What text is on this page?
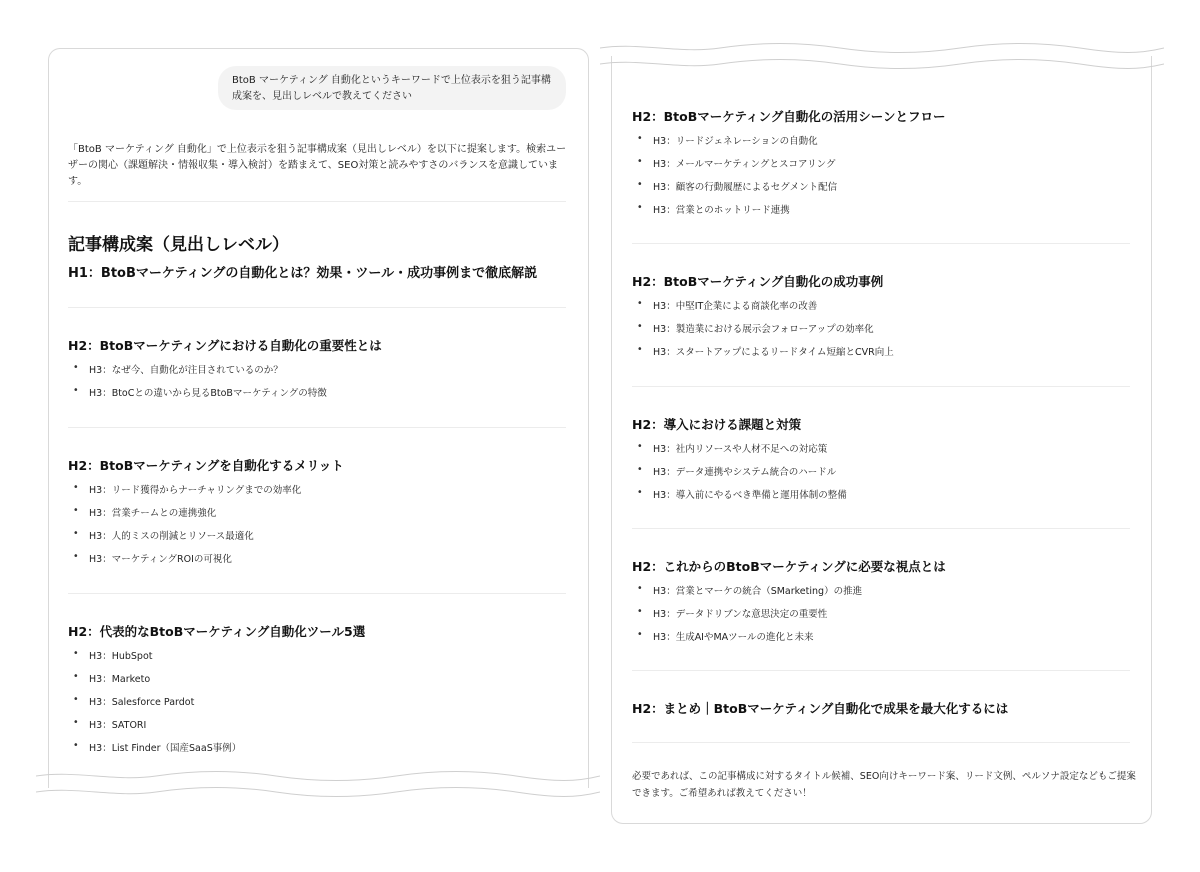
BtoB マーケティング 自動化というキーワードで上位表示を狙う記事構成案を、見出しレベルで教えてください
「BtoB マーケティング 自動化」で上位表示を狙う記事構成案（見出しレベル）を以下に提案します。検索ユーザーの関心（課題解決・情報収集・導入検討）を踏まえて、SEO対策と読みやすさのバランスを意識しています。
記事構成案（見出しレベル）
H1：BtoBマーケティングの自動化とは？効果・ツール・成功事例まで徹底解説
H2：BtoBマーケティングにおける自動化の重要性とは
• H3：なぜ今、自動化が注目されているのか？
• H3：BtoCとの違いから見るBtoBマーケティングの特徴
H2：BtoBマーケティングを自動化するメリット
• H3：リード獲得からナーチャリングまでの効率化
• H3：営業チームとの連携強化
• H3：人的ミスの削減とリソース最適化
• H3：マーケティングROIの可視化
H2：代表的なBtoBマーケティング自動化ツール5選
• H3：HubSpot
• H3：Marketo
• H3：Salesforce Pardot
• H3：SATORI
• H3：List Finder（国産SaaS事例）
H2：BtoBマーケティング自動化の活用シーンとフロー
• H3：リードジェネレーションの自動化
• H3：メールマーケティングとスコアリング
• H3：顧客の行動履歴によるセグメント配信
• H3：営業とのホットリード連携
H2：BtoBマーケティング自動化の成功事例
• H3：中堅IT企業による商談化率の改善
• H3：製造業における展示会フォローアップの効率化
• H3：スタートアップによるリードタイム短縮とCVR向上
H2：導入における課題と対策
• H3：社内リソースや人材不足への対応策
• H3：データ連携やシステム統合のハードル
• H3：導入前にやるべき準備と運用体制の整備
H2：これからのBtoBマーケティングに必要な視点とは
• H3：営業とマーケの統合（SMarketing）の推進
• H3：データドリブンな意思決定の重要性
• H3：生成AIやMAツールの進化と未来
H2：まとめ｜BtoBマーケティング自動化で成果を最大化するには
必要であれば、この記事構成に対するタイトル候補、SEO向けキーワード案、リード文例、ペルソナ設定などもご提案できます。ご希望あれば教えてください！
